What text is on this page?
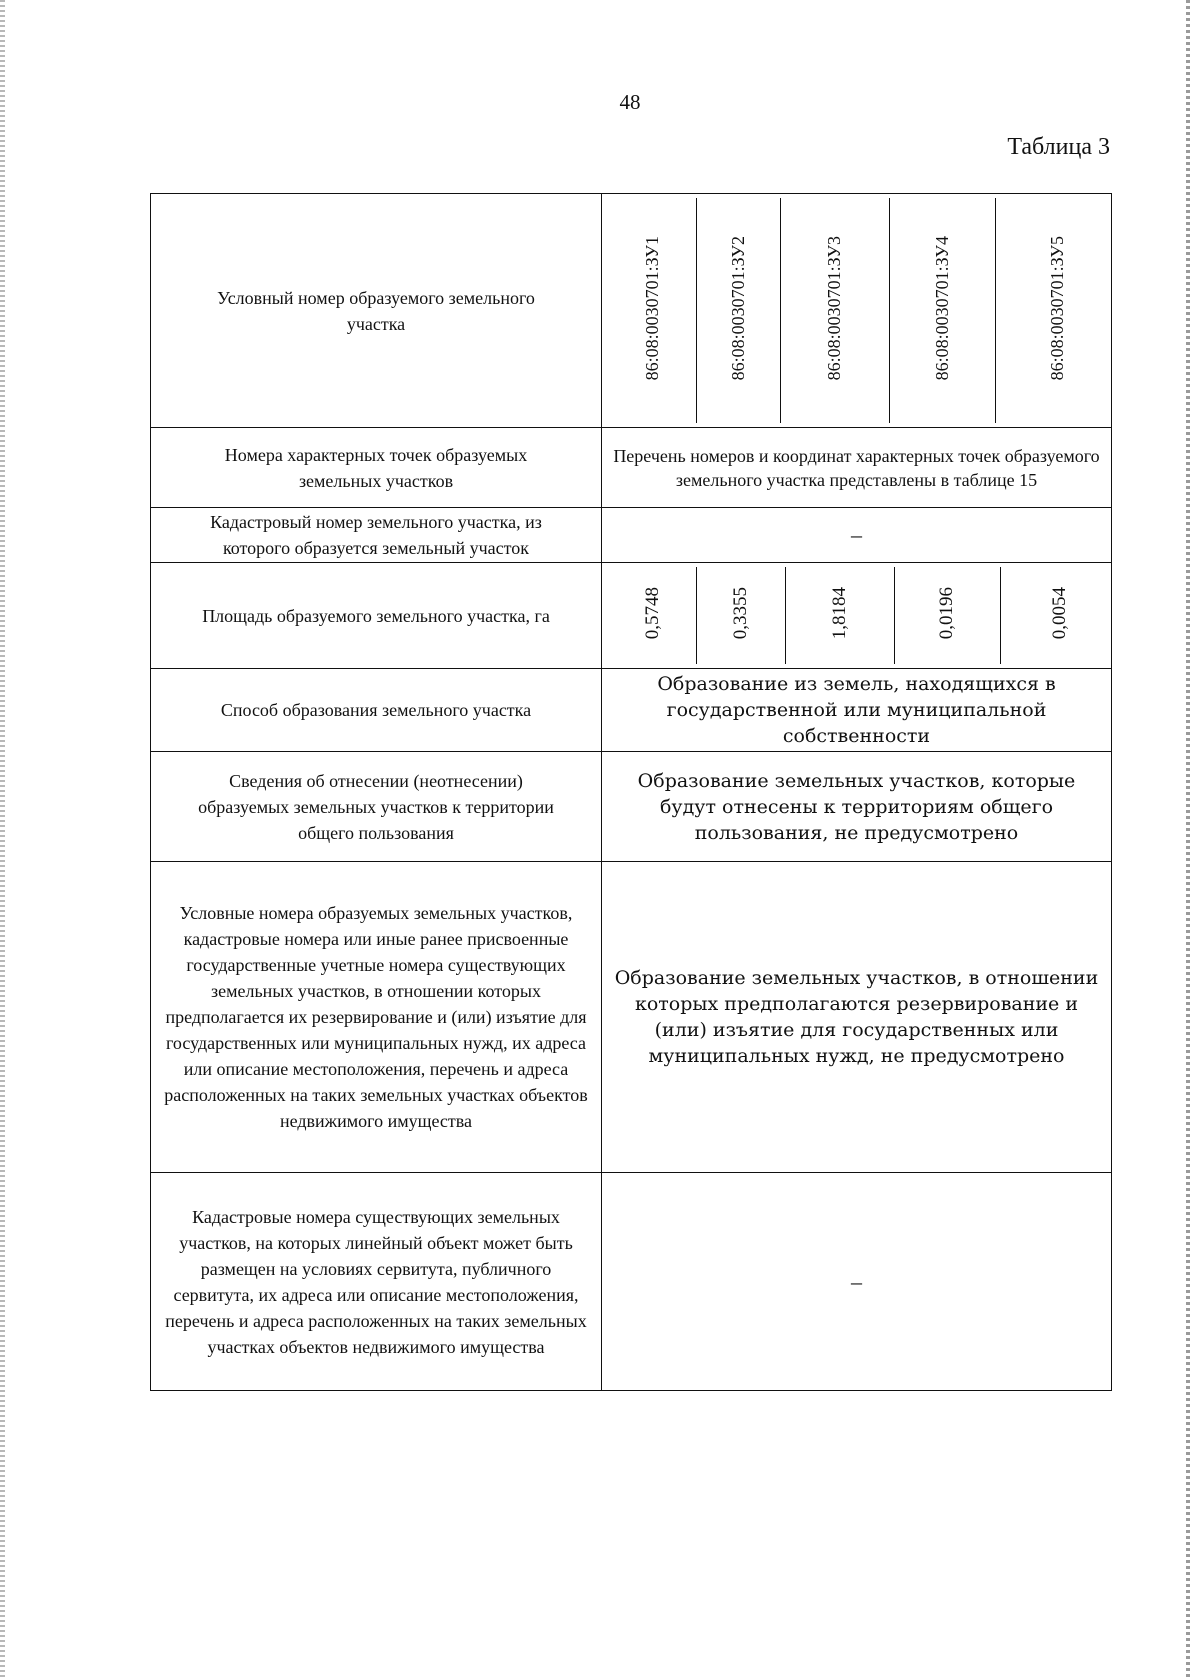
48
Таблица 3
Условный номер образуемого земельного участка		86:08:0030701:ЗУ1	86:08:0030701:ЗУ2	86:08:0030701:ЗУ3	86:08:0030701:ЗУ4	86:08:0030701:ЗУ5

Номера характерных точек образуемых земельных участков	Перечень номеров и координат характерных точек образуемого земельного участка представлены в таблице 15
Кадастровый номер земельного участка, из которого образуется земельный участок	–
Площадь образуемого земельного участка, га		0,5748	0,3355	1,8184	0,0196	0,0054

Способ образования земельного участка	Образование из земель, находящихся в государственной или муниципальной собственности
Сведения об отнесении (неотнесении) образуемых земельных участков к территории общего пользования	Образование земельных участков, которые будут отнесены к территориям общего пользования, не предусмотрено
Условные номера образуемых земельных участков, кадастровые номера или иные ранее присвоенные государственные учетные номера существующих земельных участков, в отношении которых предполагается их резервирование и (или) изъятие для государственных или муниципальных нужд, их адреса или описание местоположения, перечень и адреса расположенных на таких земельных участках объектов недвижимого имущества	Образование земельных участков, в отношении которых предполагаются резервирование и (или) изъятие для государственных или муниципальных нужд, не предусмотрено
Кадастровые номера существующих земельных участков, на которых линейный объект может быть размещен на условиях сервитута, публичного сервитута, их адреса или описание местоположения, перечень и адреса расположенных на таких земельных участках объектов недвижимого имущества	–
